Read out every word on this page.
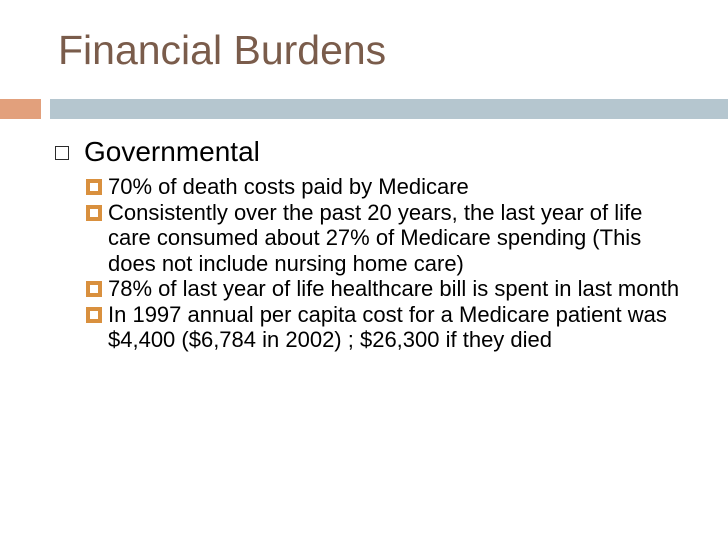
Financial Burdens
Governmental
70% of death costs paid by Medicare
Consistently over the past 20 years, the last year of life care consumed about 27% of Medicare spending (This does not include nursing home care)
78% of last year of life healthcare bill is spent in last month
In 1997 annual per capita cost for a Medicare patient was $4,400 ($6,784 in 2002) ; $26,300 if they died
